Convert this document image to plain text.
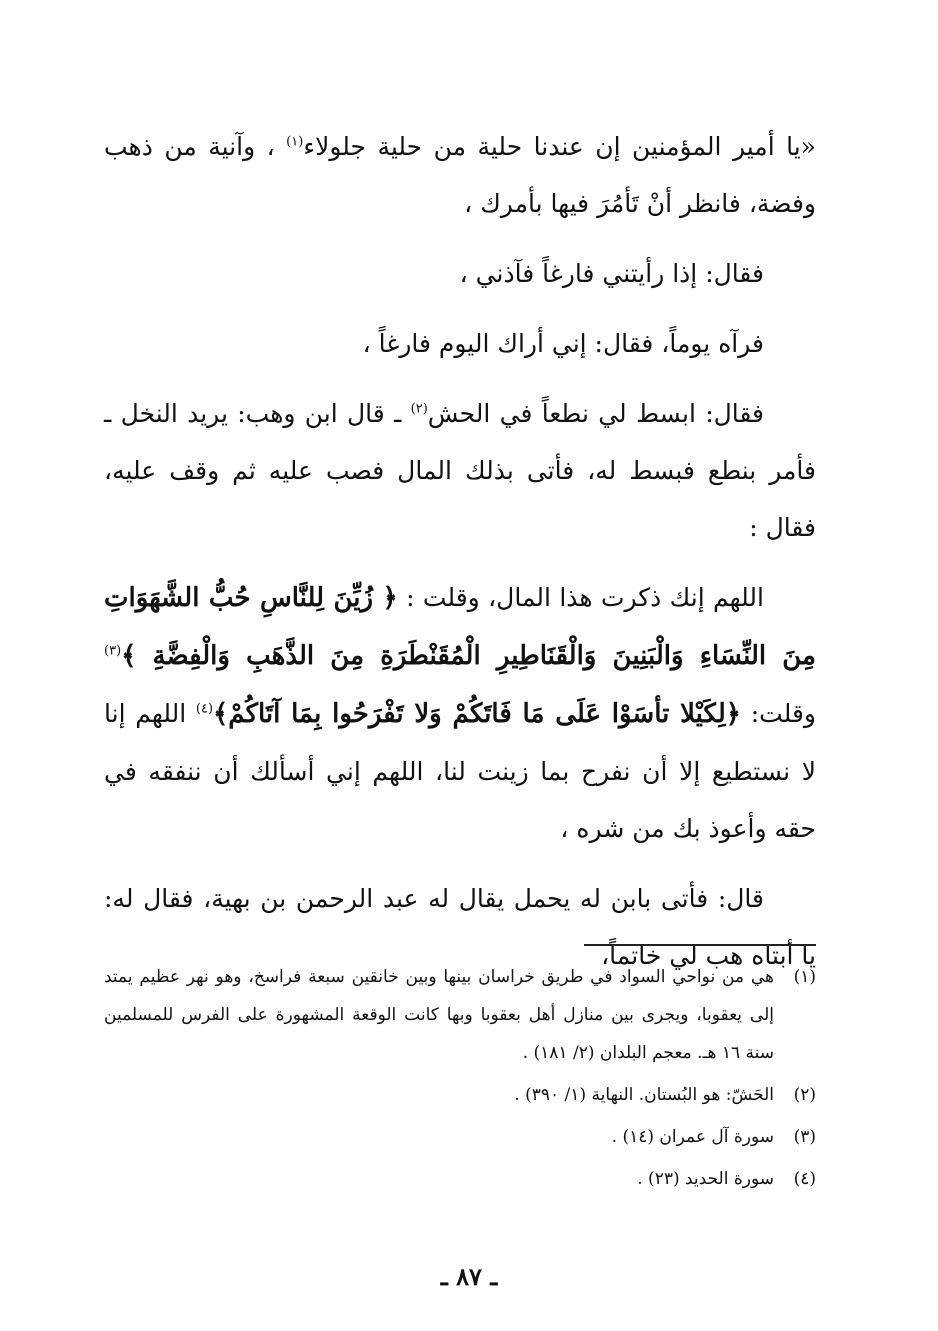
«يا أمير المؤمنين إن عندنا حلية من حلية جلولاء$^{(١)}$ ، وآنية من ذهب وفضة، فانظر أنْ تَأمُرَ فيها بأمرك ،

فقال: إذا رأيتني فارغاً فآذني ،

فرآه يوماً، فقال: إني أراك اليوم فارغاً ،

فقال: ابسط لي نطعاً في الحش$^{(٢)}$ ـ قال ابن وهب: يريد النخل ـ فأمر بنطع فبسط له، فأتى بذلك المال فصب عليه ثم وقف عليه، فقال :

اللهم إنك ذكرت هذا المال، وقلت : ﴿ زُيِّنَ لِلنَّاسِ حُبُّ الشَّهَوَاتِ مِنَ النِّسَاءِ وَالْبَنِينَ وَالْقَنَاطِيرِ الْمُقَنْطَرَةِ مِنَ الذَّهَبِ وَالْفِضَّةِ ﴾$^{(٣)}$ وقلت: ﴿لِكَيْلا تأسَوْا عَلَى مَا فَاتَكُمْ وَلا تَفْرَحُوا بِمَا آتَاكُمْ﴾$^{(٤)}$ اللهم إنا لا نستطيع إلا أن نفرح بما زينت لنا، اللهم إني أسألك أن ننفقه في حقه وأعوذ بك من شره ،

قال: فأتى بابن له يحمل يقال له عبد الرحمن بن بهية، فقال له: يا أبتاه هب لي خاتماً،

(١)
هي من نواحي السواد في طريق خراسان بينها وبين خانقين سبعة فراسخ، وهو نهر عظيم يمتد إلى يعقوبا، ويجرى بين منازل أهل بعقوبا وبها كانت الوقعة المشهورة على الفرس للمسلمين سنة ١٦ هـ. معجم البلدان (٢/ ١٨١) .
(٢)
الحَشّ: هو البُستان. النهاية (١/ ٣٩٠) .
(٣)
سورة آل عمران (١٤) .
(٤)
سورة الحديد (٢٣) .
ـ ٨٧ ـ
